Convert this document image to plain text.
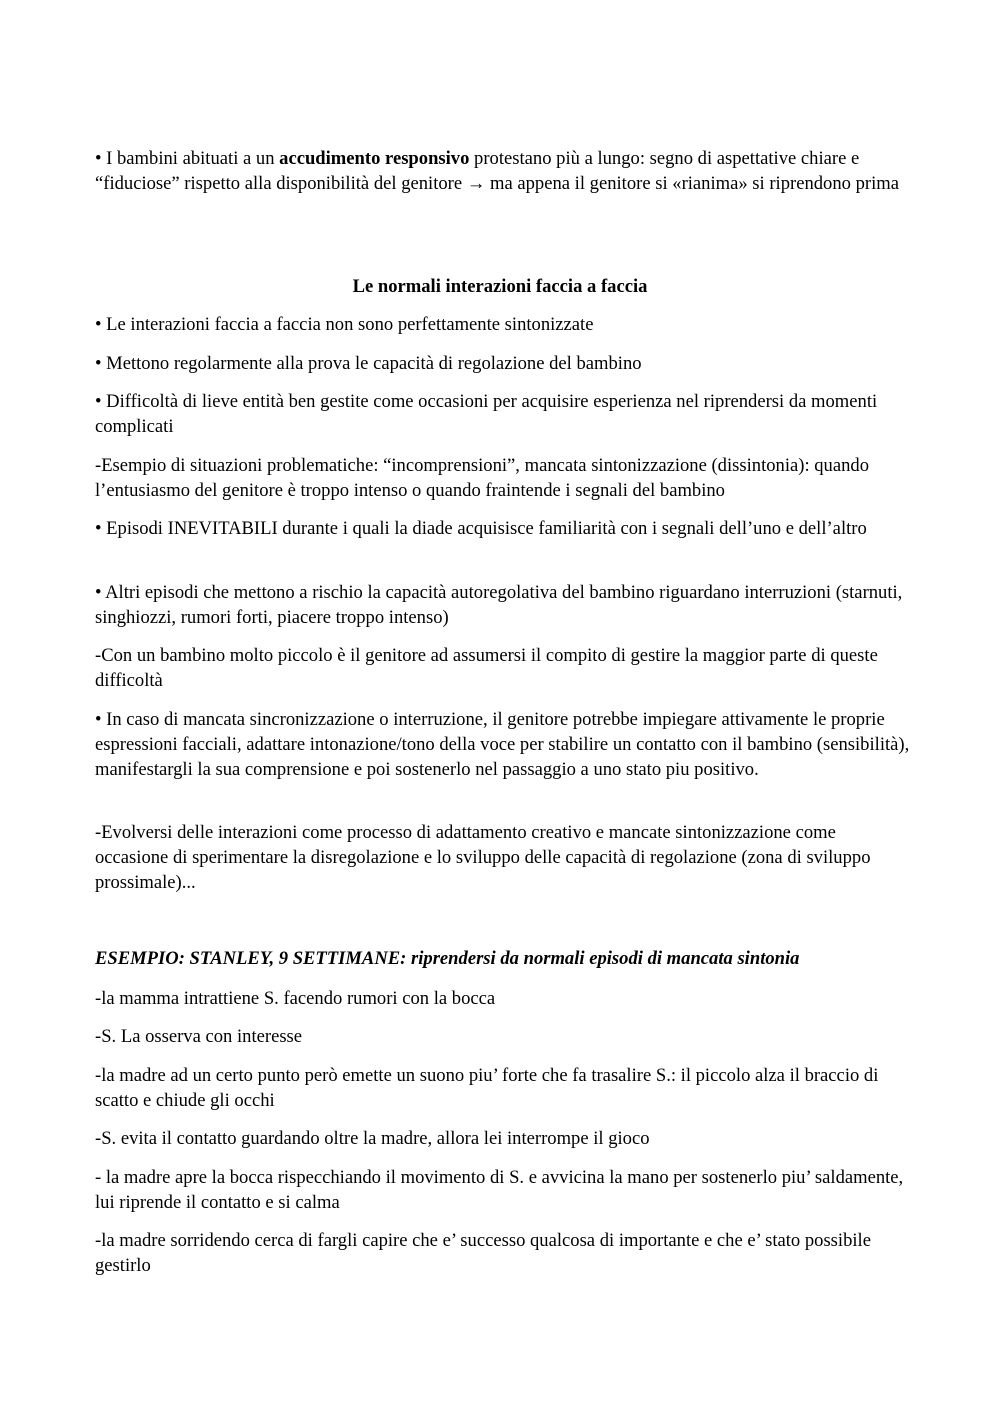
• I bambini abituati a un accudimento responsivo protestano più a lungo: segno di aspettative chiare e “fiduciose” rispetto alla disponibilità del genitore → ma appena il genitore si «rianima» si riprendono prima

Le normali interazioni faccia a faccia

• Le interazioni faccia a faccia non sono perfettamente sintonizzate

• Mettono regolarmente alla prova le capacità di regolazione del bambino

• Difficoltà di lieve entità ben gestite come occasioni per acquisire esperienza nel riprendersi da momenti complicati

-Esempio di situazioni problematiche: “incomprensioni”, mancata sintonizzazione (dissintonia): quando l’entusiasmo del genitore è troppo intenso o quando fraintende i segnali del bambino

• Episodi INEVITABILI durante i quali la diade acquisisce familiarità con i segnali dell’uno e dell’altro

• Altri episodi che mettono a rischio la capacità autoregolativa del bambino riguardano interruzioni (starnuti, singhiozzi, rumori forti, piacere troppo intenso)

-Con un bambino molto piccolo è il genitore ad assumersi il compito di gestire la maggior parte di queste difficoltà

• In caso di mancata sincronizzazione o interruzione, il genitore potrebbe impiegare attivamente le proprie espressioni facciali, adattare intonazione/tono della voce per stabilire un contatto con il bambino (sensibilità), manifestargli la sua comprensione e poi sostenerlo nel passaggio a uno stato piu positivo.

-Evolversi delle interazioni come processo di adattamento creativo e mancate sintonizzazione come occasione di sperimentare la disregolazione e lo sviluppo delle capacità di regolazione (zona di sviluppo prossimale)...

ESEMPIO: STANLEY, 9 SETTIMANE: riprendersi da normali episodi di mancata sintonia

-la mamma intrattiene S. facendo rumori con la bocca

-S. La osserva con interesse

-la madre ad un certo punto però emette un suono piu’ forte che fa trasalire S.: il piccolo alza il braccio di scatto e chiude gli occhi

-S. evita il contatto guardando oltre la madre, allora lei interrompe il gioco

- la madre apre la bocca rispecchiando il movimento di S. e avvicina la mano per sostenerlo piu’ saldamente, lui riprende il contatto e si calma

-la madre sorridendo cerca di fargli capire che e’ successo qualcosa di importante e che e’ stato possibile gestirlo
